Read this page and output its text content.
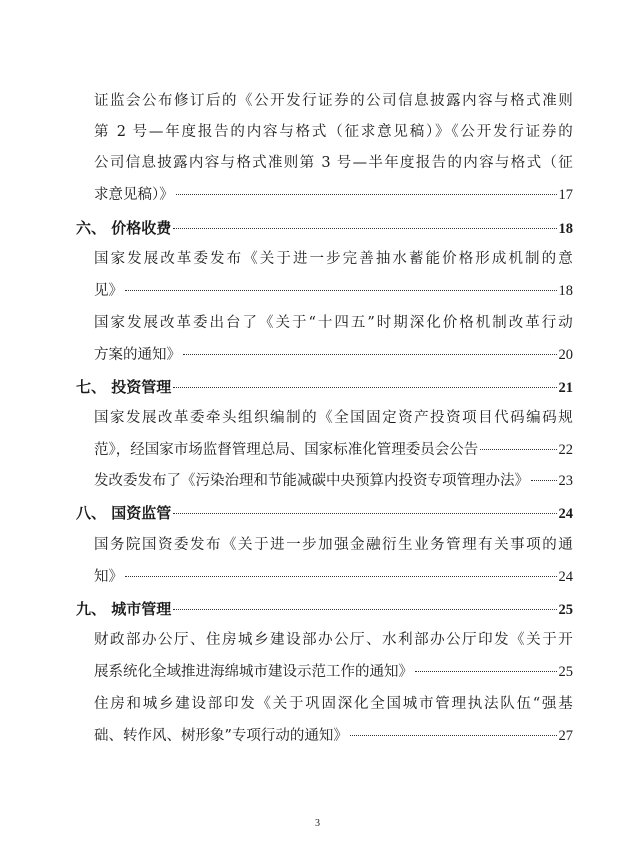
证监会公布修订后的《公开发行证券的公司信息披露内容与格式准则
第 2 号—年度报告的内容与格式（征求意见稿）》《公开发行证券的
公司信息披露内容与格式准则第 3 号—半年度报告的内容与格式（征
求意见稿）》	17
六、 价格收费	18
国家发展改革委发布《关于进一步完善抽水蓄能价格形成机制的意
见》	18
国家发展改革委出台了《关于“十四五”时期深化价格机制改革行动
方案的通知》	20
七、 投资管理	21
国家发展改革委牵头组织编制的《全国固定资产投资项目代码编码规
范》，经国家市场监督管理总局、国家标准化管理委员会公告	22
发改委发布了《污染治理和节能减碳中央预算内投资专项管理办法》 23
八、 国资监管	24
国务院国资委发布《关于进一步加强金融衍生业务管理有关事项的通
知》	24
九、 城市管理	25
财政部办公厅、住房城乡建设部办公厅、水利部办公厅印发《关于开
展系统化全域推进海绵城市建设示范工作的通知》	25
住房和城乡建设部印发《关于巩固深化全国城市管理执法队伍“强基
础、转作风、树形象”专项行动的通知》	27
3
